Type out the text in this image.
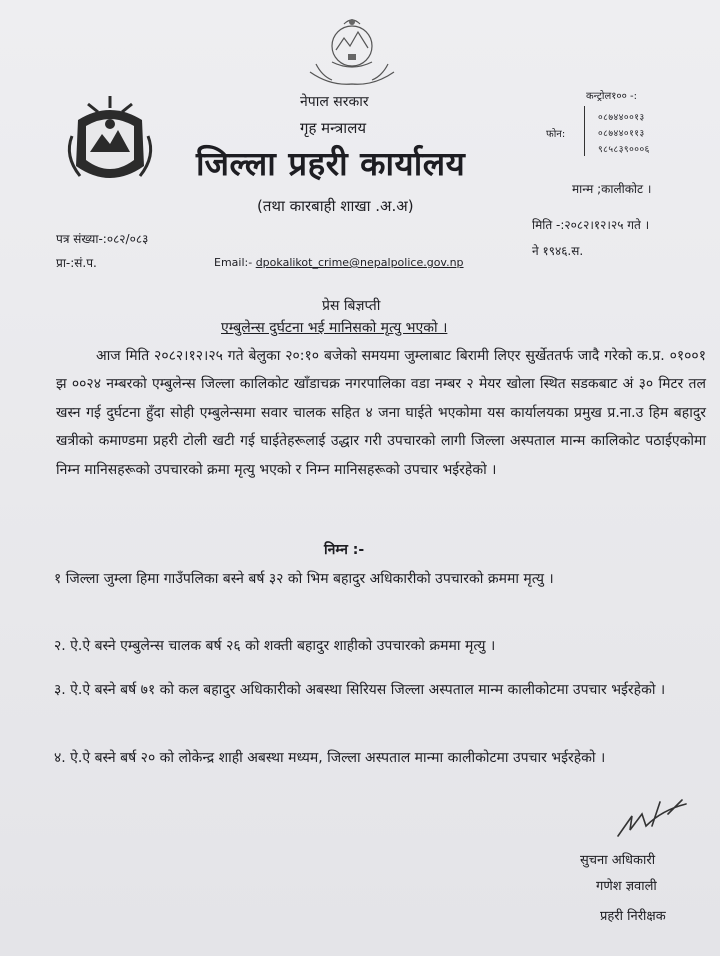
नेपाल सरकार
गृह मन्त्रालय
जिल्ला प्रहरी कार्यालय
(तथा कारबाही शाखा .अ.अ)
कन्ट्रोल१०० -:
फोन:
०८७४४००१३
०८७४४०११३
९८५८३९०००६
मान्म ;कालीकोट ।
मिति -:२०८२।१२।२५ गते ।
ने १९४६.स.
पत्र संख्या-:०८२/०८३
प्रा-:सं.प.	Email:- dpokalikot_crime@nepalpolice.gov.np
प्रेस बिज्ञप्ती
एम्बुलेन्स दुर्घटना भई मानिसको मृत्यु भएको ।
आज मिति २०८२।१२।२५ गते बेलुका २०:१० बजेको समयमा जुम्लाबाट बिरामी लिएर सुर्खेततर्फ जादै गरेको क.प्र. ०१००१ झ ००२४ नम्बरको एम्बुलेन्स जिल्ला कालिकोट खाँडाचक्र नगरपालिका वडा नम्बर २ मेयर खोला स्थित सडकबाट अं ३० मिटर तल खस्न गई दुर्घटना हुँदा सोही एम्बुलेन्समा सवार चालक सहित ४ जना घाईते भएकोमा यस कार्यालयका प्रमुख प्र.ना.उ हिम बहादुर खत्रीको कमाण्डमा प्रहरी टोली खटी गई घाईतेहरूलाई उद्धार गरी उपचारको लागी जिल्ला अस्पताल मान्म कालिकोट पठाईएकोमा निम्न मानिसहरूको उपचारको क्रमा मृत्यु भएको र निम्न मानिसहरूको उपचार भईरहेको ।
निम्न :-
१ जिल्ला जुम्ला हिमा गाउँपलिका बस्ने बर्ष ३२ को भिम बहादुर अधिकारीको उपचारको क्रममा मृत्यु ।
२. ऐ.ऐ बस्ने एम्बुलेन्स चालक बर्ष २६ को शक्ती बहादुर शाहीको उपचारको क्रममा मृत्यु ।
३. ऐ.ऐ बस्ने बर्ष ७१ को कल बहादुर अधिकारीको अबस्था सिरियस जिल्ला अस्पताल मान्म कालीकोटमा उपचार भईरहेको ।
४. ऐ.ऐ बस्ने बर्ष २० को लोकेन्द्र शाही अबस्था मध्यम, जिल्ला अस्पताल मान्मा कालीकोटमा उपचार भईरहेको ।
सुचना अधिकारी
गणेश ज्ञवाली
प्रहरी निरीक्षक
